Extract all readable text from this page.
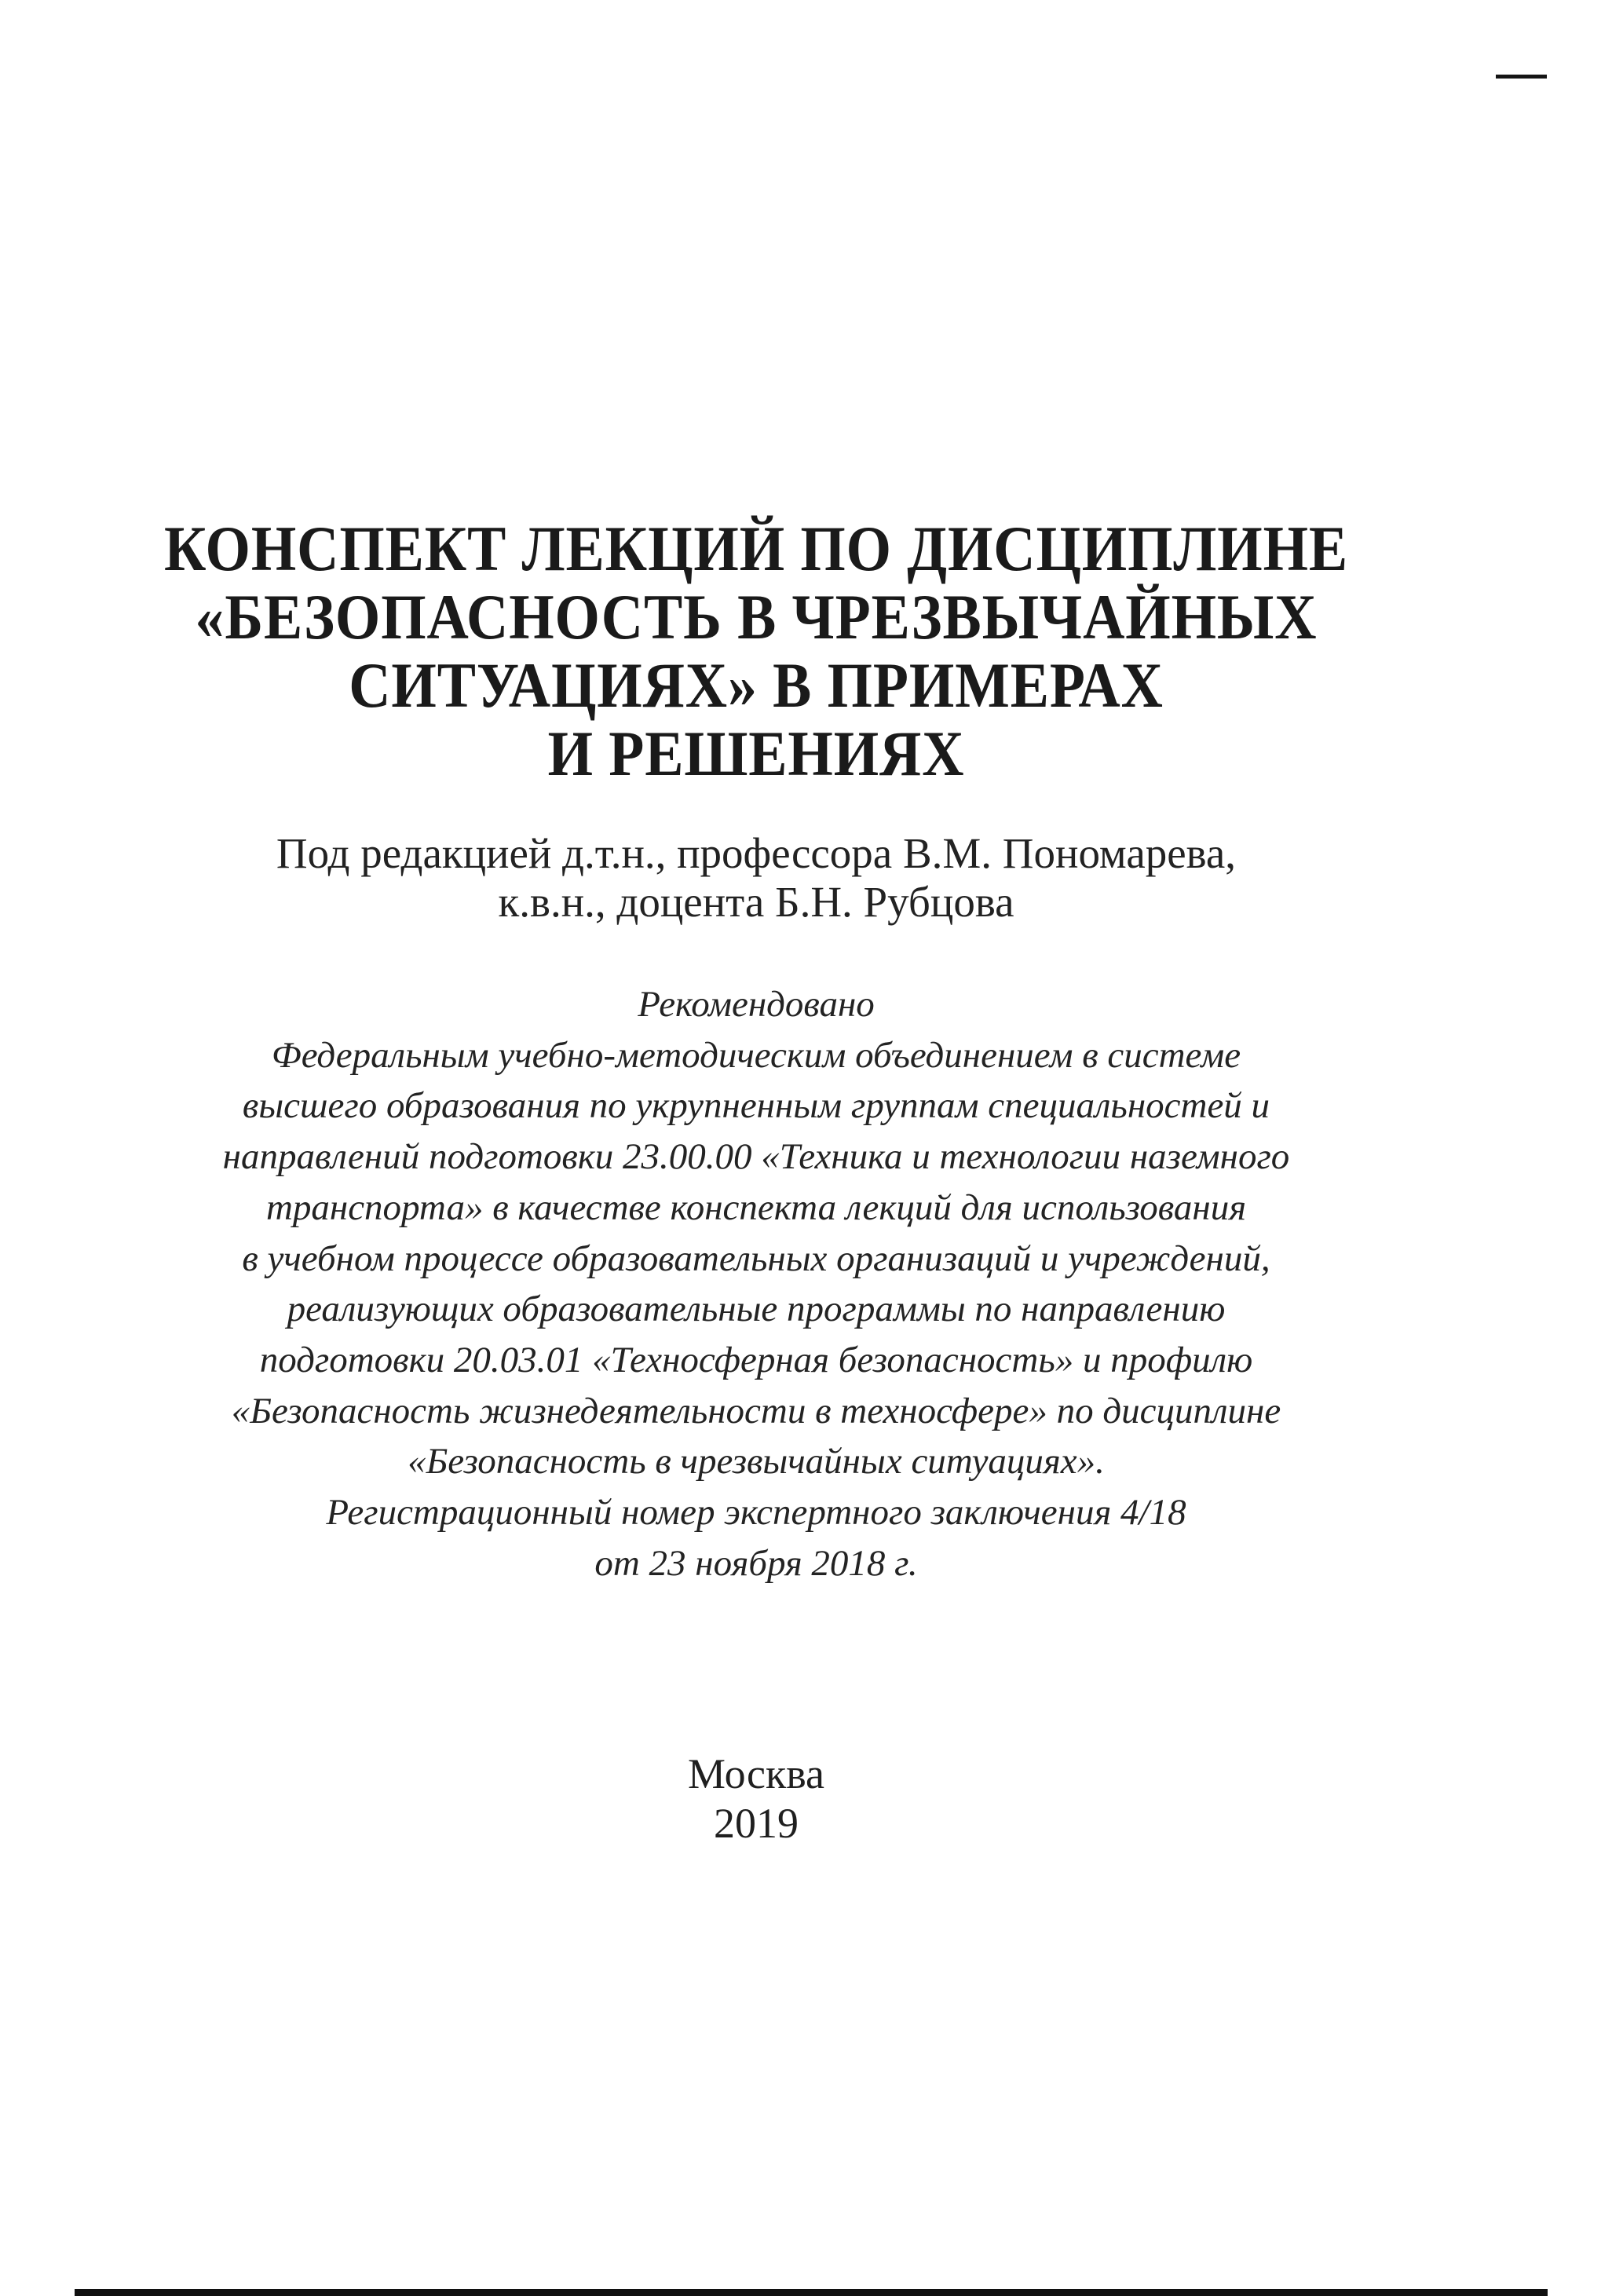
КОНСПЕКТ ЛЕКЦИЙ ПО ДИСЦИПЛИНЕ
«БЕЗОПАСНОСТЬ В ЧРЕЗВЫЧАЙНЫХ
СИТУАЦИЯХ» В ПРИМЕРАХ
И РЕШЕНИЯХ
Под редакцией д.т.н., профессора В.М. Пономарева,
к.в.н., доцента Б.Н. Рубцова
Рекомендовано
Федеральным учебно-методическим объединением в системе
высшего образования по укрупненным группам специальностей и
направлений подготовки 23.00.00 «Техника и технологии наземного
транспорта» в качестве конспекта лекций для использования
в учебном процессе образовательных организаций и учреждений,
реализующих образовательные программы по направлению
подготовки 20.03.01 «Техносферная безопасность» и профилю
«Безопасность жизнедеятельности в техносфере» по дисциплине
«Безопасность в чрезвычайных ситуациях».
Регистрационный номер экспертного заключения 4/18
от 23 ноября 2018 г.
Москва
2019
